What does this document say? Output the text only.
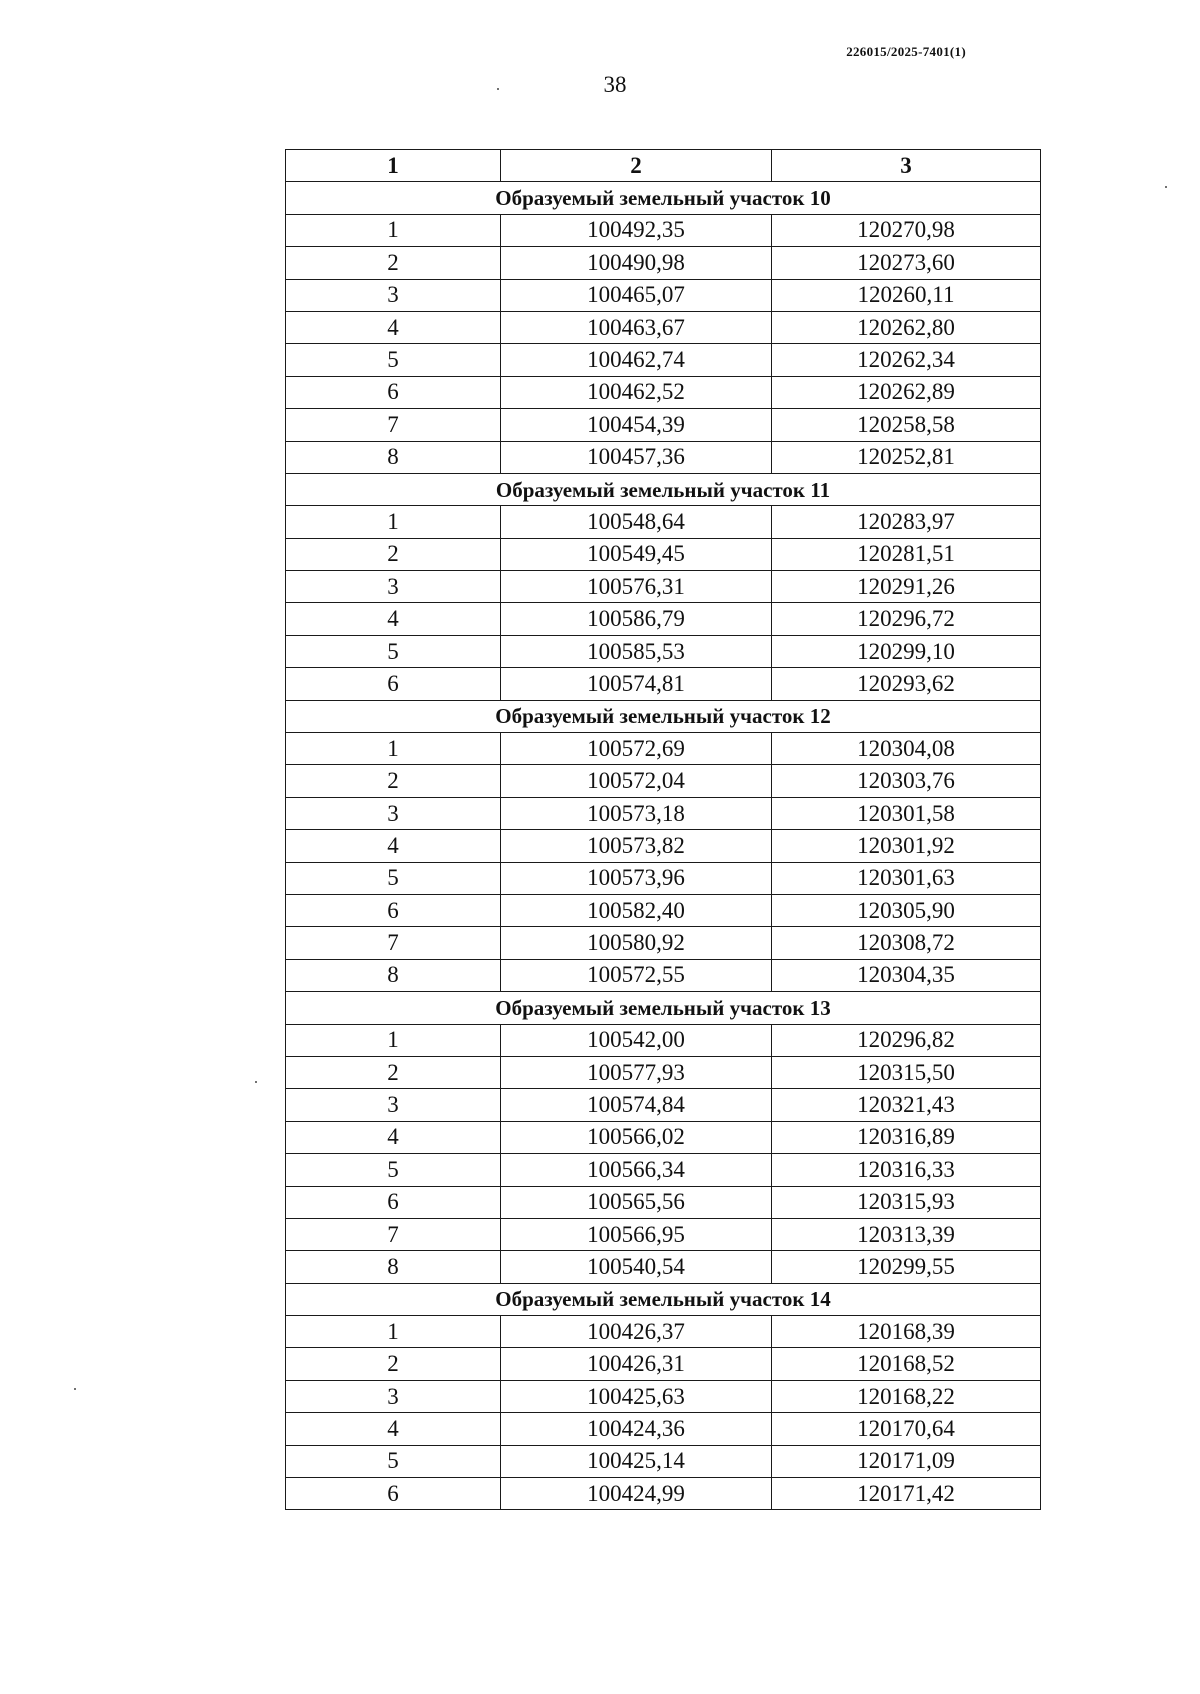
226015/2025-7401(1)
38
1	2	3
Образуемый земельный участок 10		
1	100492,35	120270,98
2	100490,98	120273,60
3	100465,07	120260,11
4	100463,67	120262,80
5	100462,74	120262,34
6	100462,52	120262,89
7	100454,39	120258,58
8	100457,36	120252,81
Образуемый земельный участок 11		
1	100548,64	120283,97
2	100549,45	120281,51
3	100576,31	120291,26
4	100586,79	120296,72
5	100585,53	120299,10
6	100574,81	120293,62
Образуемый земельный участок 12		
1	100572,69	120304,08
2	100572,04	120303,76
3	100573,18	120301,58
4	100573,82	120301,92
5	100573,96	120301,63
6	100582,40	120305,90
7	100580,92	120308,72
8	100572,55	120304,35
Образуемый земельный участок 13		
1	100542,00	120296,82
2	100577,93	120315,50
3	100574,84	120321,43
4	100566,02	120316,89
5	100566,34	120316,33
6	100565,56	120315,93
7	100566,95	120313,39
8	100540,54	120299,55
Образуемый земельный участок 14		
1	100426,37	120168,39
2	100426,31	120168,52
3	100425,63	120168,22
4	100424,36	120170,64
5	100425,14	120171,09
6	100424,99	120171,42
